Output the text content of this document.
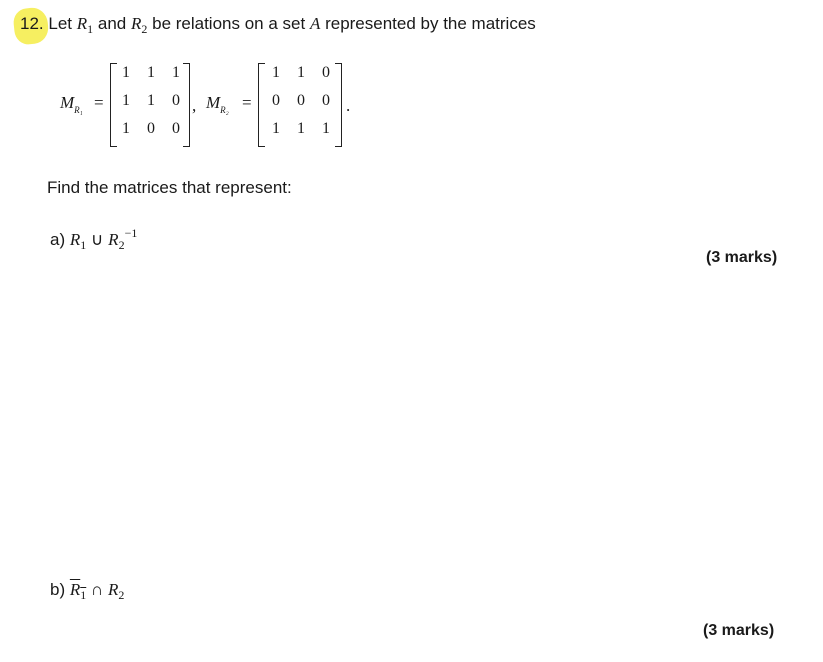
12. Let $R_1$ and $R_2$ be relations on a set A represented by the matrices
$M_{R_1}$ =
1	1	1
1	1	0
1	0	0
, $M_{R_2}$ =
1	1	0
0	0	0
1	1	1
.
Find the matrices that represent:
a) $R_1$ ∪ $R_2^{-1}$
(3 marks)
b) $R_1$ ∩ $R_2$
(3 marks)
